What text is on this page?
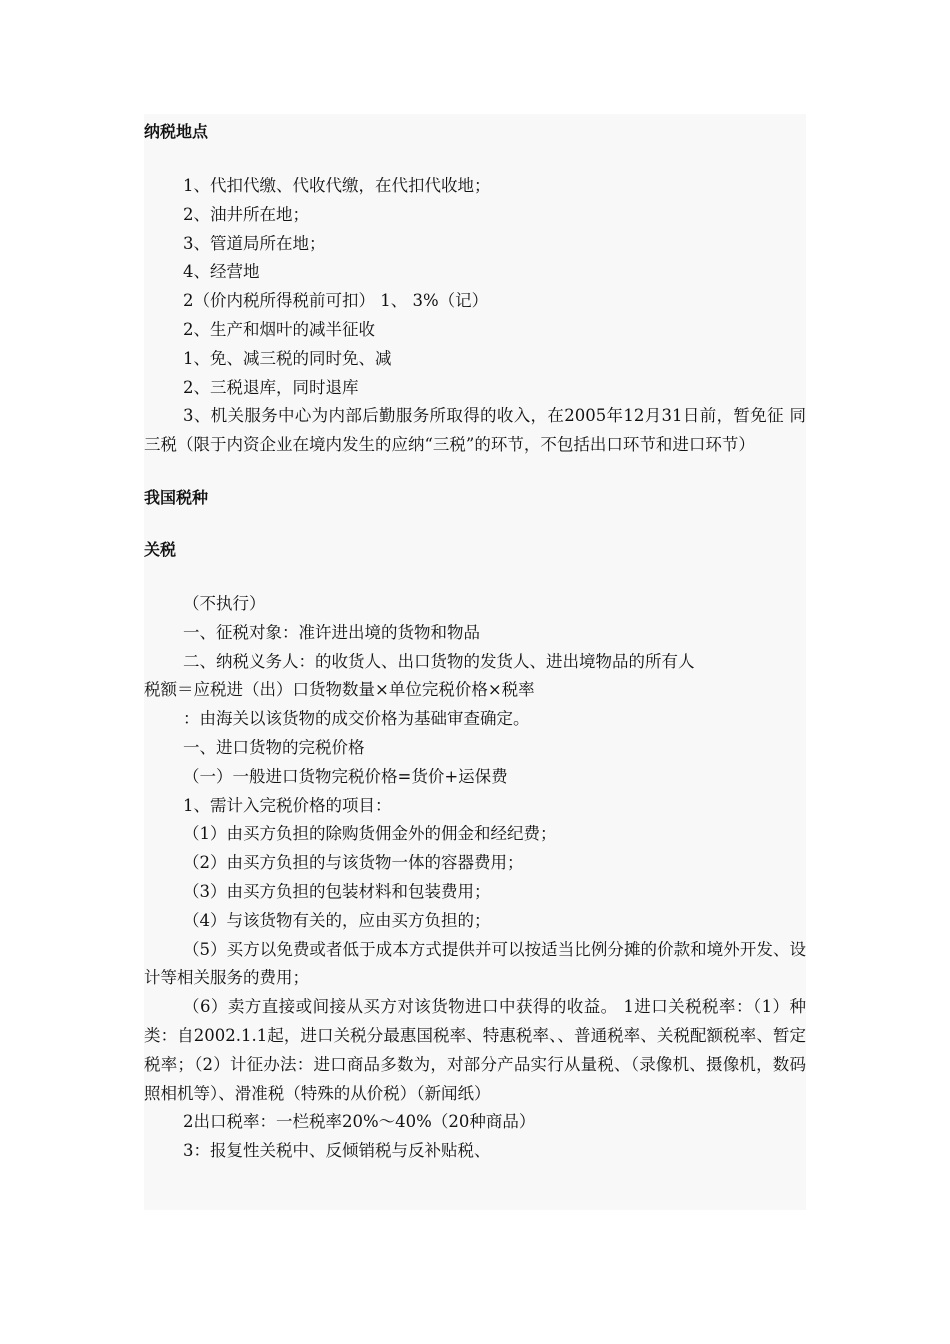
纳税地点

1、代扣代缴、代收代缴，在代扣代收地；

2、油井所在地；

3、管道局所在地；

4、经营地

2（价内税所得税前可扣） 1、 3%（记）

2、生产和烟叶的减半征收

1、免、减三税的同时免、减

2、三税退库，同时退库

3、机关服务中心为内部后勤服务所取得的收入，在2005年12月31日前，暂免征 同三税（限于内资企业在境内发生的应纳“三税”的环节，不包括出口环节和进口环节）

我国税种

关税

（不执行）

一、征税对象：准许进出境的货物和物品

二、纳税义务人：的收货人、出口货物的发货人、进出境物品的所有人

税额＝应税进（出）口货物数量×单位完税价格×税率

：由海关以该货物的成交价格为基础审查确定。

一、进口货物的完税价格

（一）一般进口货物完税价格=货价+运保费

1、需计入完税价格的项目：

（1）由买方负担的除购货佣金外的佣金和经纪费；

（2）由买方负担的与该货物一体的容器费用；

（3）由买方负担的包装材料和包装费用；

（4）与该货物有关的，应由买方负担的；

（5）买方以免费或者低于成本方式提供并可以按适当比例分摊的价款和境外开发、设计等相关服务的费用；

（6）卖方直接或间接从买方对该货物进口中获得的收益。 1进口关税税率：（1）种类：自2002.1.1起，进口关税分最惠国税率、特惠税率、、普通税率、关税配额税率、暂定税率；（2）计征办法：进口商品多数为，对部分产品实行从量税、（录像机、摄像机，数码照相机等）、滑准税（特殊的从价税）（新闻纸）

2出口税率：一栏税率20%～40%（20种商品）

3：报复性关税中、反倾销税与反补贴税、
